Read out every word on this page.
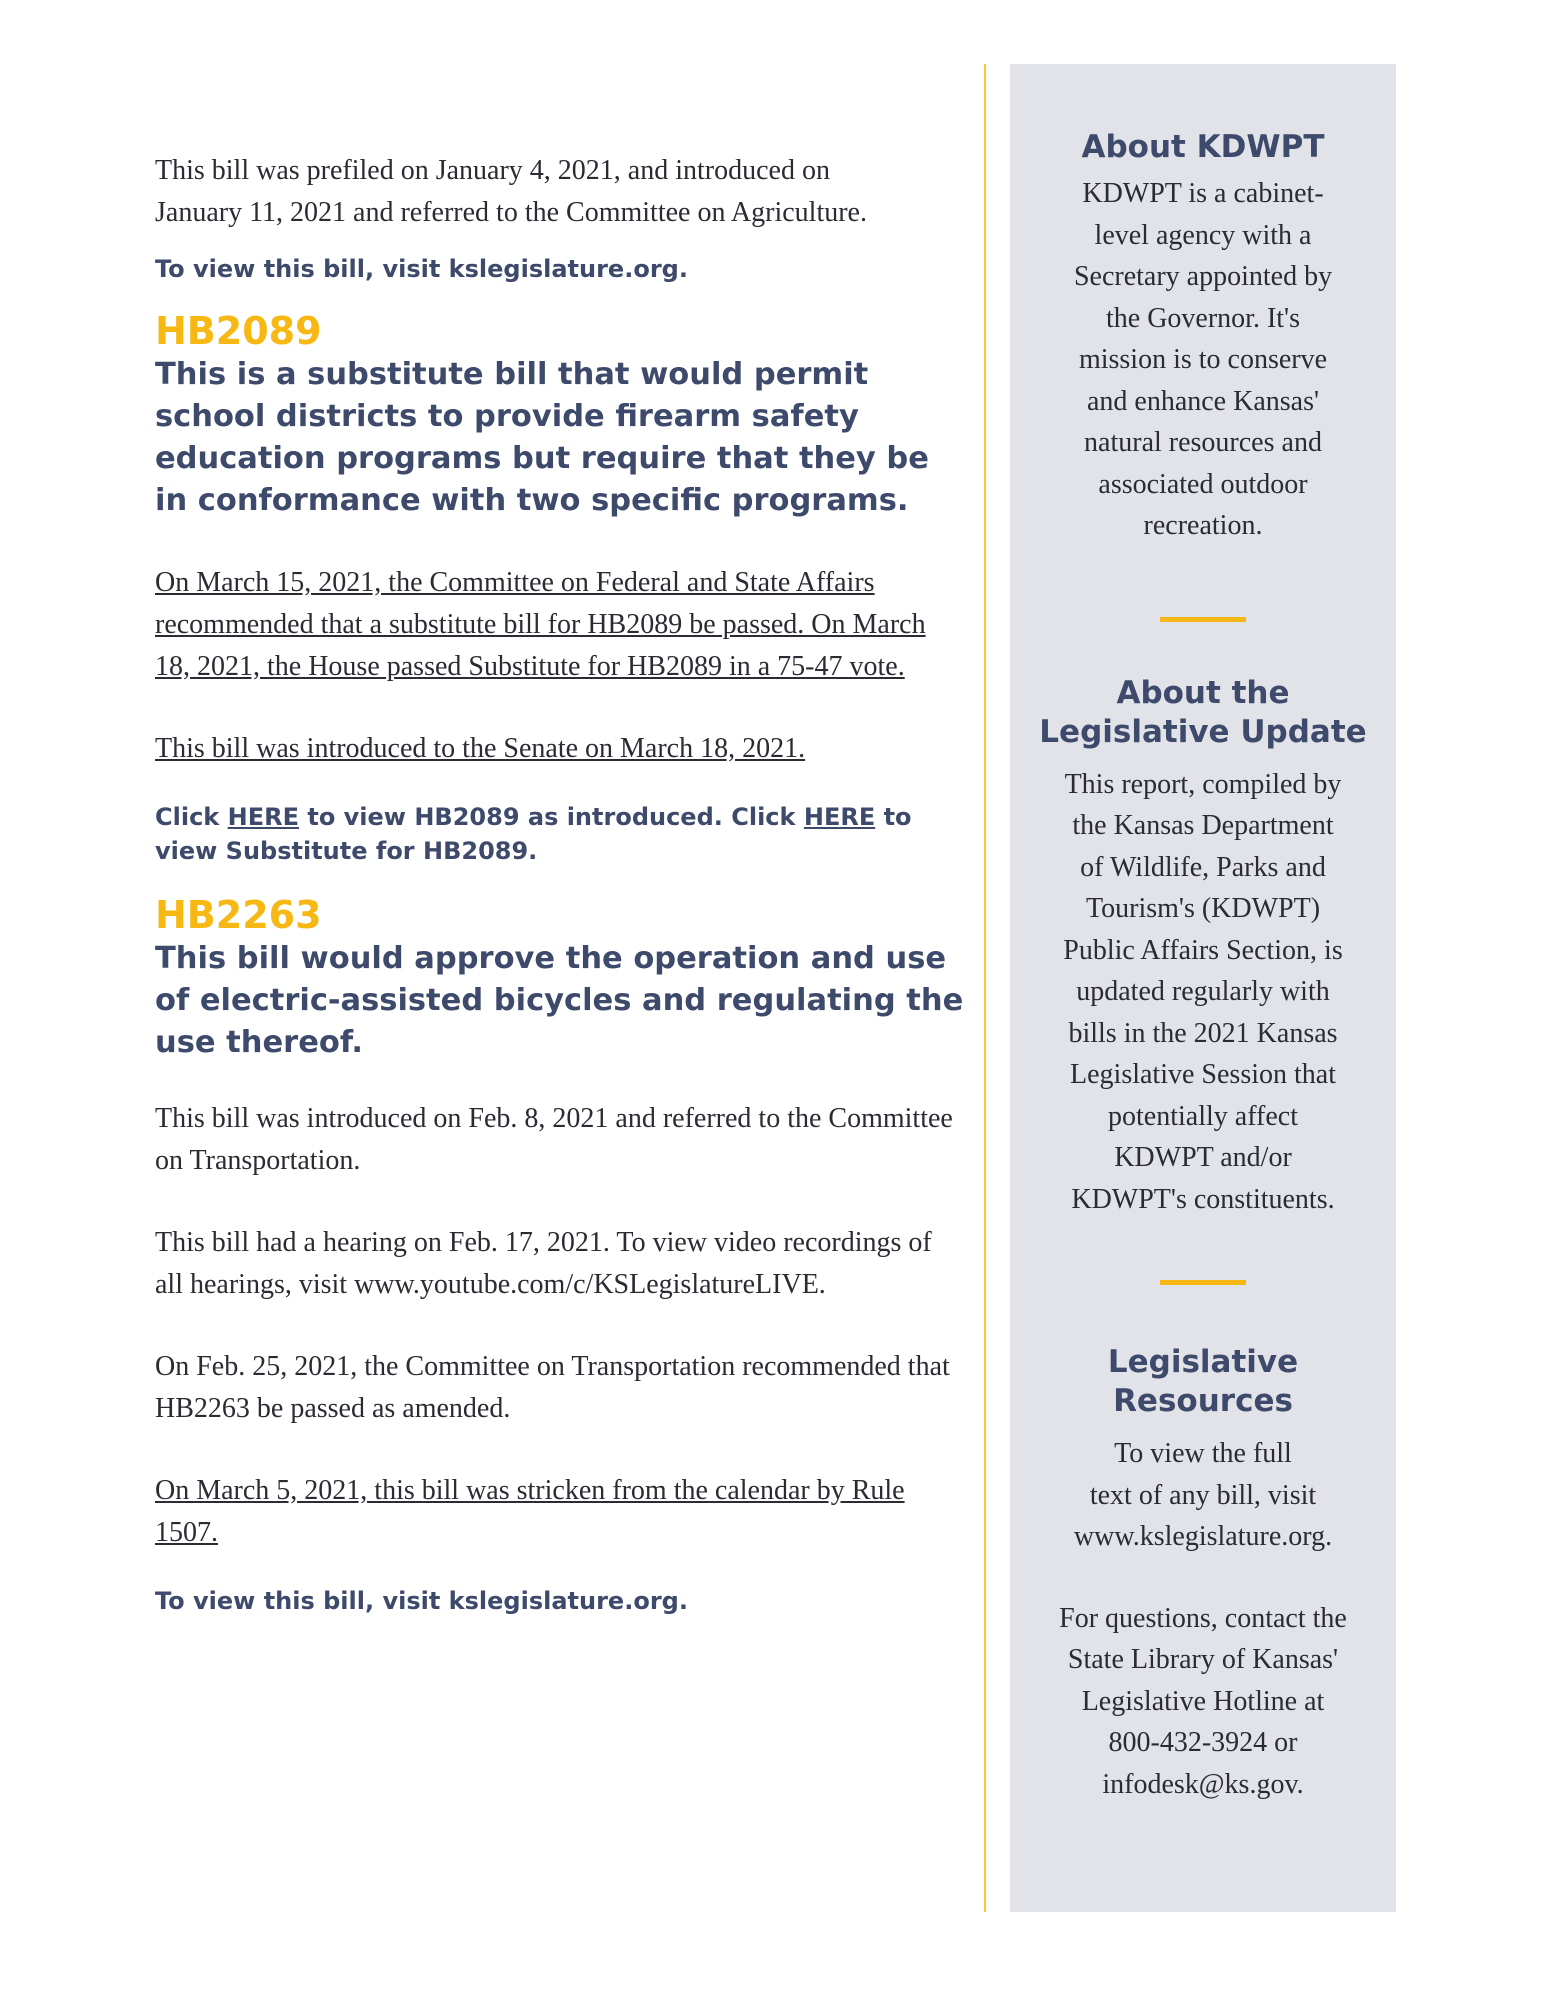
This bill was prefiled on January 4, 2021, and introduced on

January 11, 2021 and referred to the Committee on Agriculture.

To view this bill, visit kslegislature.org.

HB2089

This is a substitute bill that would permit school districts to provide firearm safety education programs but require that they be in conformance with two specific programs.

On March 15, 2021, the Committee on Federal and State Affairs recommended that a substitute bill for HB2089 be passed. On March 18, 2021, the House passed Substitute for HB2089 in a 75-47 vote.

This bill was introduced to the Senate on March 18, 2021.

Click HERE to view HB2089 as introduced. Click HERE to view Substitute for HB2089.

HB2263

This bill would approve the operation and use of electric-assisted bicycles and regulating the use thereof.

This bill was introduced on Feb. 8, 2021 and referred to the Committee on Transportation.

This bill had a hearing on Feb. 17, 2021. To view video recordings of all hearings, visit www.youtube.com/c/KSLegislatureLIVE.

On Feb. 25, 2021, the Committee on Transportation recommended that HB2263 be passed as amended.

On March 5, 2021, this bill was stricken from the calendar by Rule 1507.

To view this bill, visit kslegislature.org.

About KDWPT

KDWPT is a cabinet-

level agency with a

Secretary appointed by

the Governor. It's

mission is to conserve

and enhance Kansas'

natural resources and

associated outdoor

recreation.

About the
Legislative Update

This report, compiled by

the Kansas Department

of Wildlife, Parks and

Tourism's (KDWPT)

Public Affairs Section, is

updated regularly with

bills in the 2021 Kansas

Legislative Session that

potentially affect

KDWPT and/or

KDWPT's constituents.

Legislative
Resources

To view the full

text of any bill, visit

www.kslegislature.org.

For questions, contact the

State Library of Kansas'

Legislative Hotline at

800-432-3924 or

infodesk@ks.gov.
